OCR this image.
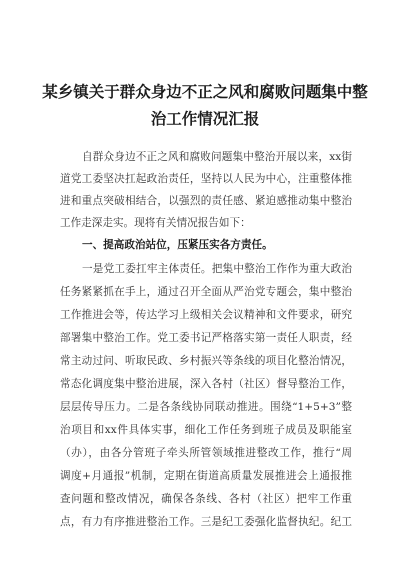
某乡镇关于群众身边不正之风和腐败问题集中整
治工作情况汇报
自群众身边不正之风和腐败问题集中整治开展以来，xx街
道党工委坚决扛起政治责任，坚持以人民为中心，注重整体推
进和重点突破相结合，以强烈的责任感、紧迫感推动集中整治
工作走深走实。现将有关情况报告如下：
一、提高政治站位，压紧压实各方责任。
一是党工委扛牢主体责任。把集中整治工作作为重大政治
任务紧紧抓在手上，通过召开全面从严治党专题会，集中整治
工作推进会等，传达学习上级相关会议精神和文件要求，研究
部署集中整治工作。党工委书记严格落实第一责任人职责，经
常主动过问、听取民政、乡村振兴等条线的项目化整治情况，
常态化调度集中整治进展，深入各村（社区）督导整治工作，
层层传导压力。二是各条线协同联动推进。围绕“1+5+3”整
治项目和xx件具体实事，细化工作任务到班子成员及职能室
（办），由各分管班子牵头所管领域推进整改工作，推行“周
调度+月通报”机制，定期在街道高质量发展推进会上通报推
查问题和整改情况，确保各条线、各村（社区）把牢工作重
点，有力有序推进整治工作。三是纪工委强化监督执纪。纪工
